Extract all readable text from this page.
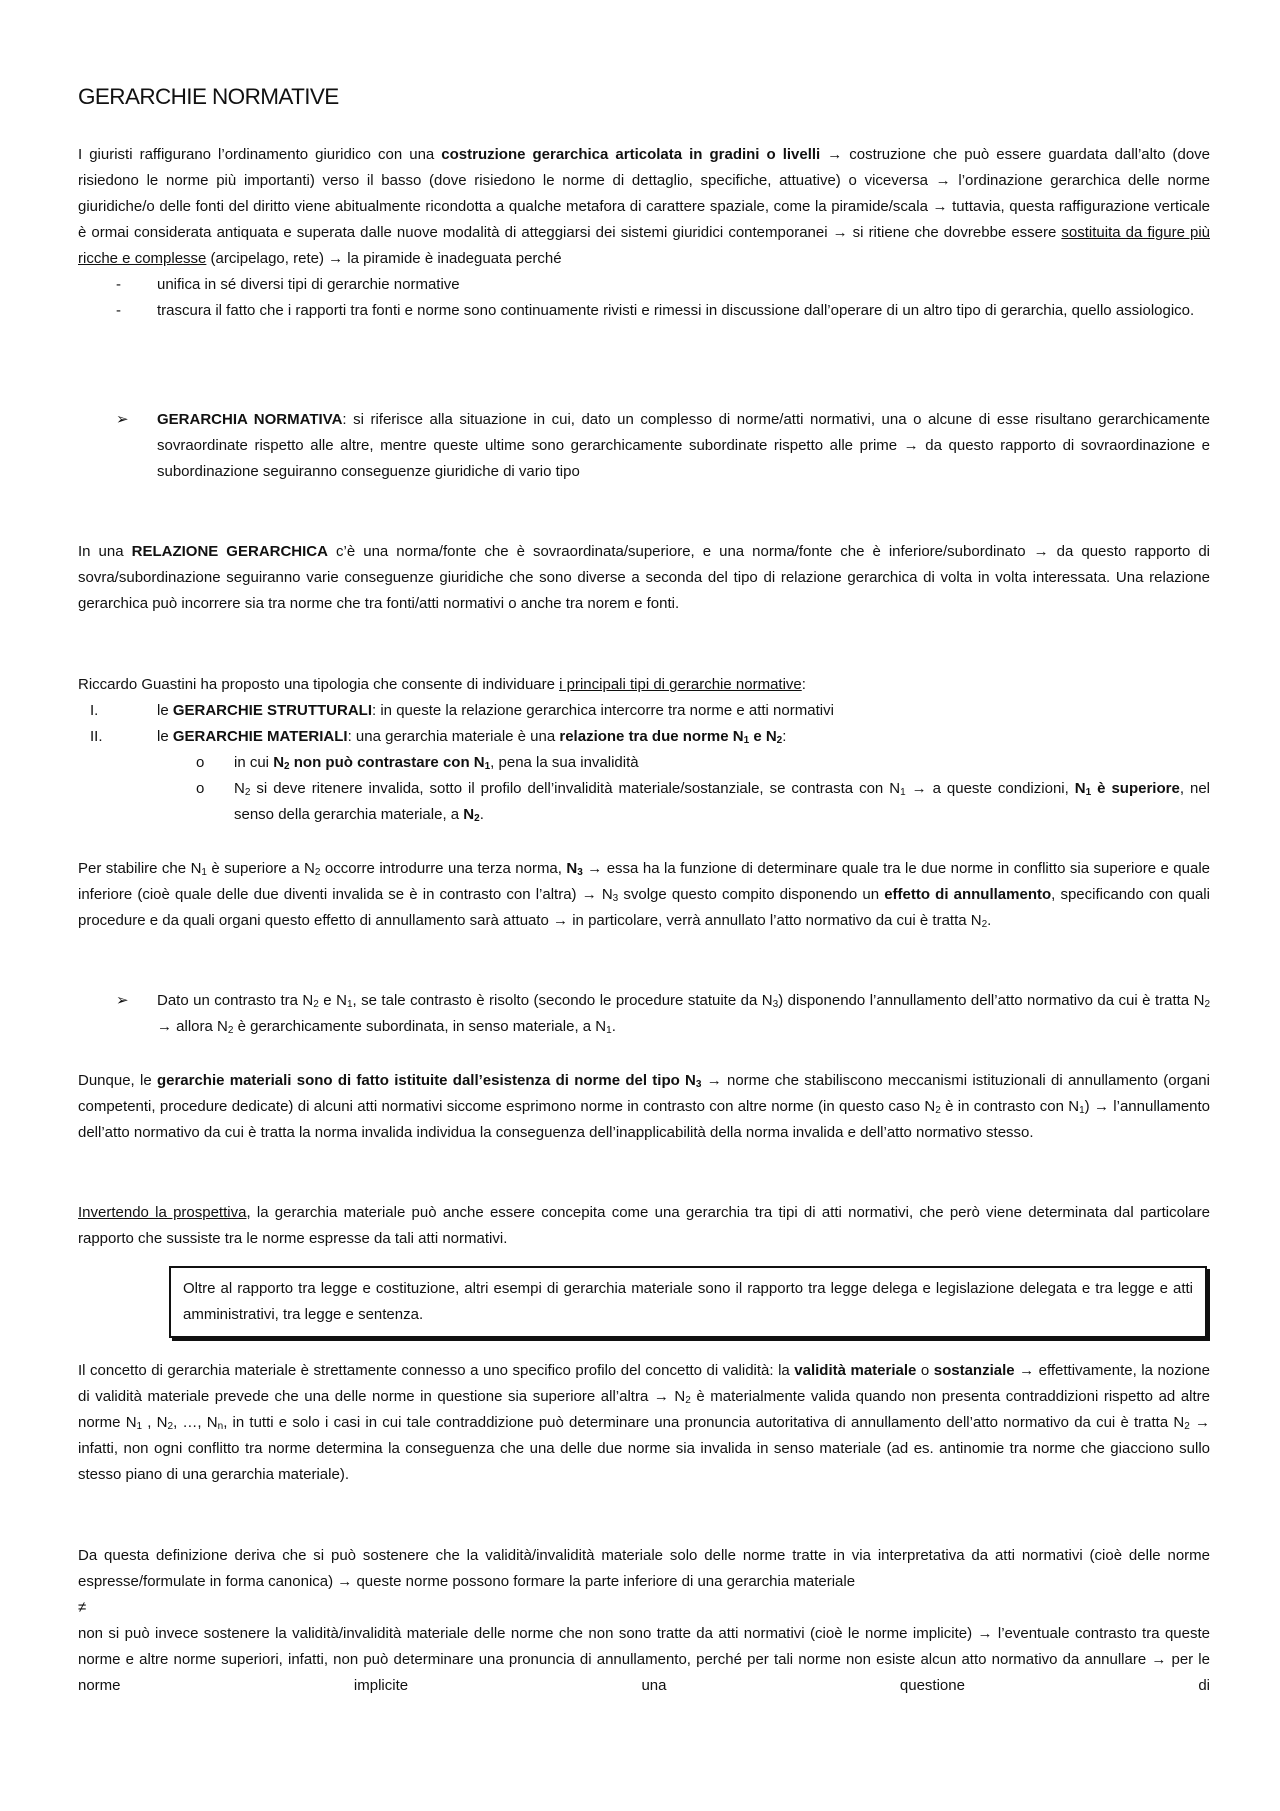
GERARCHIE NORMATIVE
I giuristi raffigurano l’ordinamento giuridico con una costruzione gerarchica articolata in gradini o livelli → costruzione che può essere guardata dall’alto (dove risiedono le norme più importanti) verso il basso (dove risiedono le norme di dettaglio, specifiche, attuative) o viceversa → l’ordinazione gerarchica delle norme giuridiche/o delle fonti del diritto viene abitualmente ricondotta a qualche metafora di carattere spaziale, come la piramide/scala → tuttavia, questa raffigurazione verticale è ormai considerata antiquata e superata dalle nuove modalità di atteggiarsi dei sistemi giuridici contemporanei → si ritiene che dovrebbe essere sostituita da figure più ricche e complesse (arcipelago, rete) → la piramide è inadeguata perché
- unifica in sé diversi tipi di gerarchie normative
- trascura il fatto che i rapporti tra fonti e norme sono continuamente rivisti e rimessi in discussione dall’operare di un altro tipo di gerarchia, quello assiologico.
➢ GERARCHIA NORMATIVA: si riferisce alla situazione in cui, dato un complesso di norme/atti normativi, una o alcune di esse risultano gerarchicamente sovraordinate rispetto alle altre, mentre queste ultime sono gerarchicamente subordinate rispetto alle prime → da questo rapporto di sovraordinazione e subordinazione seguiranno conseguenze giuridiche di vario tipo
In una RELAZIONE GERARCHICA c’è una norma/fonte che è sovraordinata/superiore, e una norma/fonte che è inferiore/subordinato → da questo rapporto di sovra/subordinazione seguiranno varie conseguenze giuridiche che sono diverse a seconda del tipo di relazione gerarchica di volta in volta interessata. Una relazione gerarchica può incorrere sia tra norme che tra fonti/atti normativi o anche tra norem e fonti.
Riccardo Guastini ha proposto una tipologia che consente di individuare i principali tipi di gerarchie normative:
I.	le GERARCHIE STRUTTURALI: in queste la relazione gerarchica intercorre tra norme e atti normativi
II.	le GERARCHIE MATERIALI: una gerarchia materiale è una relazione tra due norme $N_1$ e $N_2$:
o in cui $N_2$ non può contrastare con $N_1$, pena la sua invalidità
o $N_2$ si deve ritenere invalida, sotto il profilo dell’invalidità materiale/sostanziale, se contrasta con $N_1 \to a$ queste condizioni, $N_1$ è superiore, nel senso della gerarchia materiale, a $N_2$.
Per stabilire che $N_1$ è superiore a $N_2$ occorre introdurre una terza norma, $N_3$ → essa ha la funzione di determinare quale tra le due norme in conflitto sia superiore e quale inferiore (cioè quale delle due diventi invalida se è in contrasto con l’altra) → $N_3$ svolge questo compito disponendo un effetto di annullamento, specificando con quali procedure e da quali organi questo effetto di annullamento sarà attuato → in particolare, verrà annullato l’atto normativo da cui è tratta $N_2$.
➢ Dato un contrasto tra $N_2$ e $N_1$, se tale contrasto è risolto (secondo le procedure statuite da $N_3$) disponendo l’annullamento dell’atto normativo da cui è tratta $N_2$ → allora $N_2$ è gerarchicamente subordinata, in senso materiale, a $N_1$.
Dunque, le gerarchie materiali sono di fatto istituite dall’esistenza di norme del tipo $N_3$ → norme che stabiliscono meccanismi istituzionali di annullamento (organi competenti, procedure dedicate) di alcuni atti normativi siccome esprimono norme in contrasto con altre norme (in questo caso $N_2$ è in contrasto con $N_1$) → l’annullamento dell’atto normativo da cui è tratta la norma invalida individua la conseguenza dell’inapplicabilità della norma invalida e dell’atto normativo stesso.
Invertendo la prospettiva, la gerarchia materiale può anche essere concepita come una gerarchia tra tipi di atti normativi, che però viene determinata dal particolare rapporto che sussiste tra le norme espresse da tali atti normativi.
Oltre al rapporto tra legge e costituzione, altri esempi di gerarchia materiale sono il rapporto tra legge delega e legislazione delegata e tra legge e atti amministrativi, tra legge e sentenza.
Il concetto di gerarchia materiale è strettamente connesso a uno specifico profilo del concetto di validità: la validità materiale o sostanziale → effettivamente, la nozione di validità materiale prevede che una delle norme in questione sia superiore all’altra → $N_2$ è materialmente valida quando non presenta contraddizioni rispetto ad altre norme $N_1$ , $N_2$, …, $N_n$, in tutti e solo i casi in cui tale contraddizione può determinare una pronuncia autoritativa di annullamento dell’atto normativo da cui è tratta $N_2$ → infatti, non ogni conflitto tra norme determina la conseguenza che una delle due norme sia invalida in senso materiale (ad es. antinomie tra norme che giacciono sullo stesso piano di una gerarchia materiale).
Da questa definizione deriva che si può sostenere che la validità/invalidità materiale solo delle norme tratte in via interpretativa da atti normativi (cioè delle norme espresse/formulate in forma canonica) → queste norme possono formare la parte inferiore di una gerarchia materiale
≠
non si può invece sostenere la validità/invalidità materiale delle norme che non sono tratte da atti normativi (cioè le norme implicite) → l’eventuale contrasto tra queste norme e altre norme superiori, infatti, non può determinare una pronuncia di annullamento, perché per tali norme non esiste alcun atto normativo da annullare → per le norme implicite una questione di
